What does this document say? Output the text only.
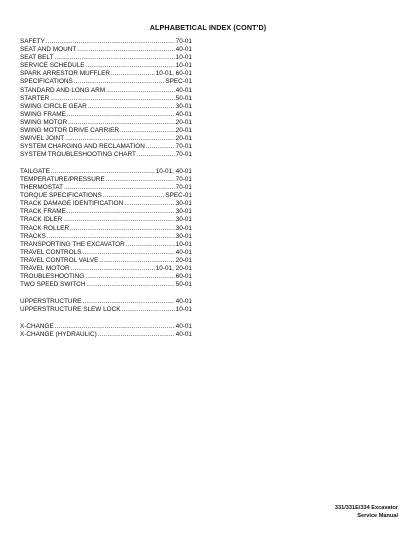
ALPHABETICAL INDEX (CONT'D)
SAFETY .....	70-01
SEAT AND MOUNT .....	40-01
SEAT BELT .....	10-01
SERVICE SCHEDULE .....	10-01
SPARK ARRESTOR MUFFLER .....	10-01, 60-01
SPECIFICATIONS .....	SPEC-01
STANDARD AND LONG ARM .....	40-01
STARTER .....	50-01
SWING CIRCLE GEAR .....	30-01
SWING FRAME .....	40-01
SWING MOTOR .....	20-01
SWING MOTOR DRIVE CARRIER .....	20-01
SWIVEL JOINT .....	20-01
SYSTEM CHARGING AND RECLAMATION .....	70-01
SYSTEM TROUBLESHOOTING CHART .....	70-01
TAILGATE .....	10-01, 40-01
TEMPERATURE/PRESSURE .....	70-01
THERMOSTAT .....	70-01
TORQUE SPECIFICATIONS .....	SPEC-01
TRACK DAMAGE IDENTIFICATION .....	30-01
TRACK FRAME .....	30-01
TRACK IDLER .....	30-01
TRACK ROLLER .....	30-01
TRACKS .....	30-01
TRANSPORTING THE EXCAVATOR .....	10-01
TRAVEL CONTROLS .....	40-01
TRAVEL CONTROL VALVE .....	20-01
TRAVEL MOTOR .....	10-01, 20-01
TROUBLESHOOTING .....	60-01
TWO SPEED SWITCH .....	50-01
UPPERSTRUCTURE .....	40-01
UPPERSTRUCTURE SLEW LOCK .....	10-01
X-CHANGE .....	40-01
X-CHANGE (HYDRAULIC) .....	40-01
331/331E/334 Excavator
Service Manual
